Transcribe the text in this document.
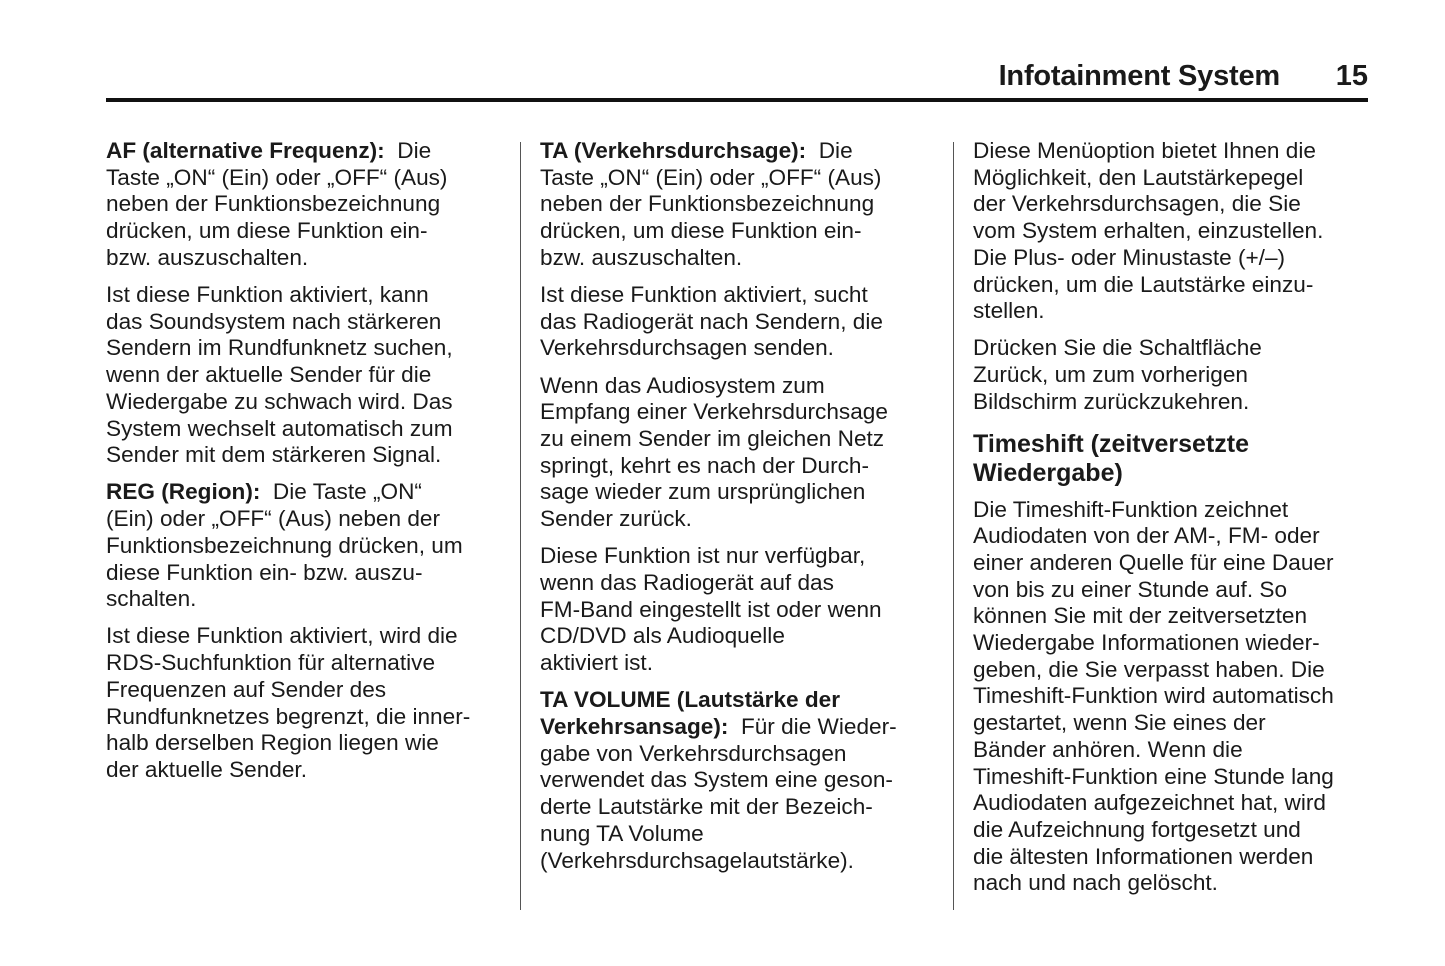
Infotainment System 15
AF (alternative Frequenz):  Die
Taste „ON“ (Ein) oder „OFF“ (Aus)
neben der Funktionsbezeichnung
drücken, um diese Funktion ein-
bzw. auszuschalten.
Ist diese Funktion aktiviert, kann
das Soundsystem nach stärkeren
Sendern im Rundfunknetz suchen,
wenn der aktuelle Sender für die
Wiedergabe zu schwach wird. Das
System wechselt automatisch zum
Sender mit dem stärkeren Signal.
REG (Region):  Die Taste „ON“
(Ein) oder „OFF“ (Aus) neben der
Funktionsbezeichnung drücken, um
diese Funktion ein- bzw. auszu-
schalten.
Ist diese Funktion aktiviert, wird die
RDS-Suchfunktion für alternative
Frequenzen auf Sender des
Rundfunknetzes begrenzt, die inner-
halb derselben Region liegen wie
der aktuelle Sender.
TA (Verkehrsdurchsage):  Die
Taste „ON“ (Ein) oder „OFF“ (Aus)
neben der Funktionsbezeichnung
drücken, um diese Funktion ein-
bzw. auszuschalten.
Ist diese Funktion aktiviert, sucht
das Radiogerät nach Sendern, die
Verkehrsdurchsagen senden.
Wenn das Audiosystem zum
Empfang einer Verkehrsdurchsage
zu einem Sender im gleichen Netz
springt, kehrt es nach der Durch-
sage wieder zum ursprünglichen
Sender zurück.
Diese Funktion ist nur verfügbar,
wenn das Radiogerät auf das
FM-Band eingestellt ist oder wenn
CD/DVD als Audioquelle
aktiviert ist.
TA VOLUME (Lautstärke der
Verkehrsansage):  Für die Wieder-
gabe von Verkehrsdurchsagen
verwendet das System eine geson-
derte Lautstärke mit der Bezeich-
nung TA Volume
(Verkehrsdurchsagelautstärke).
Diese Menüoption bietet Ihnen die
Möglichkeit, den Lautstärkepegel
der Verkehrsdurchsagen, die Sie
vom System erhalten, einzustellen.
Die Plus- oder Minustaste (+/–)
drücken, um die Lautstärke einzu-
stellen.
Drücken Sie die Schaltfläche
Zurück, um zum vorherigen
Bildschirm zurückzukehren.
Timeshift (zeitversetzte
Wiedergabe)
Die Timeshift-Funktion zeichnet
Audiodaten von der AM-, FM- oder
einer anderen Quelle für eine Dauer
von bis zu einer Stunde auf. So
können Sie mit der zeitversetzten
Wiedergabe Informationen wieder-
geben, die Sie verpasst haben. Die
Timeshift-Funktion wird automatisch
gestartet, wenn Sie eines der
Bänder anhören. Wenn die
Timeshift-Funktion eine Stunde lang
Audiodaten aufgezeichnet hat, wird
die Aufzeichnung fortgesetzt und
die ältesten Informationen werden
nach und nach gelöscht.
